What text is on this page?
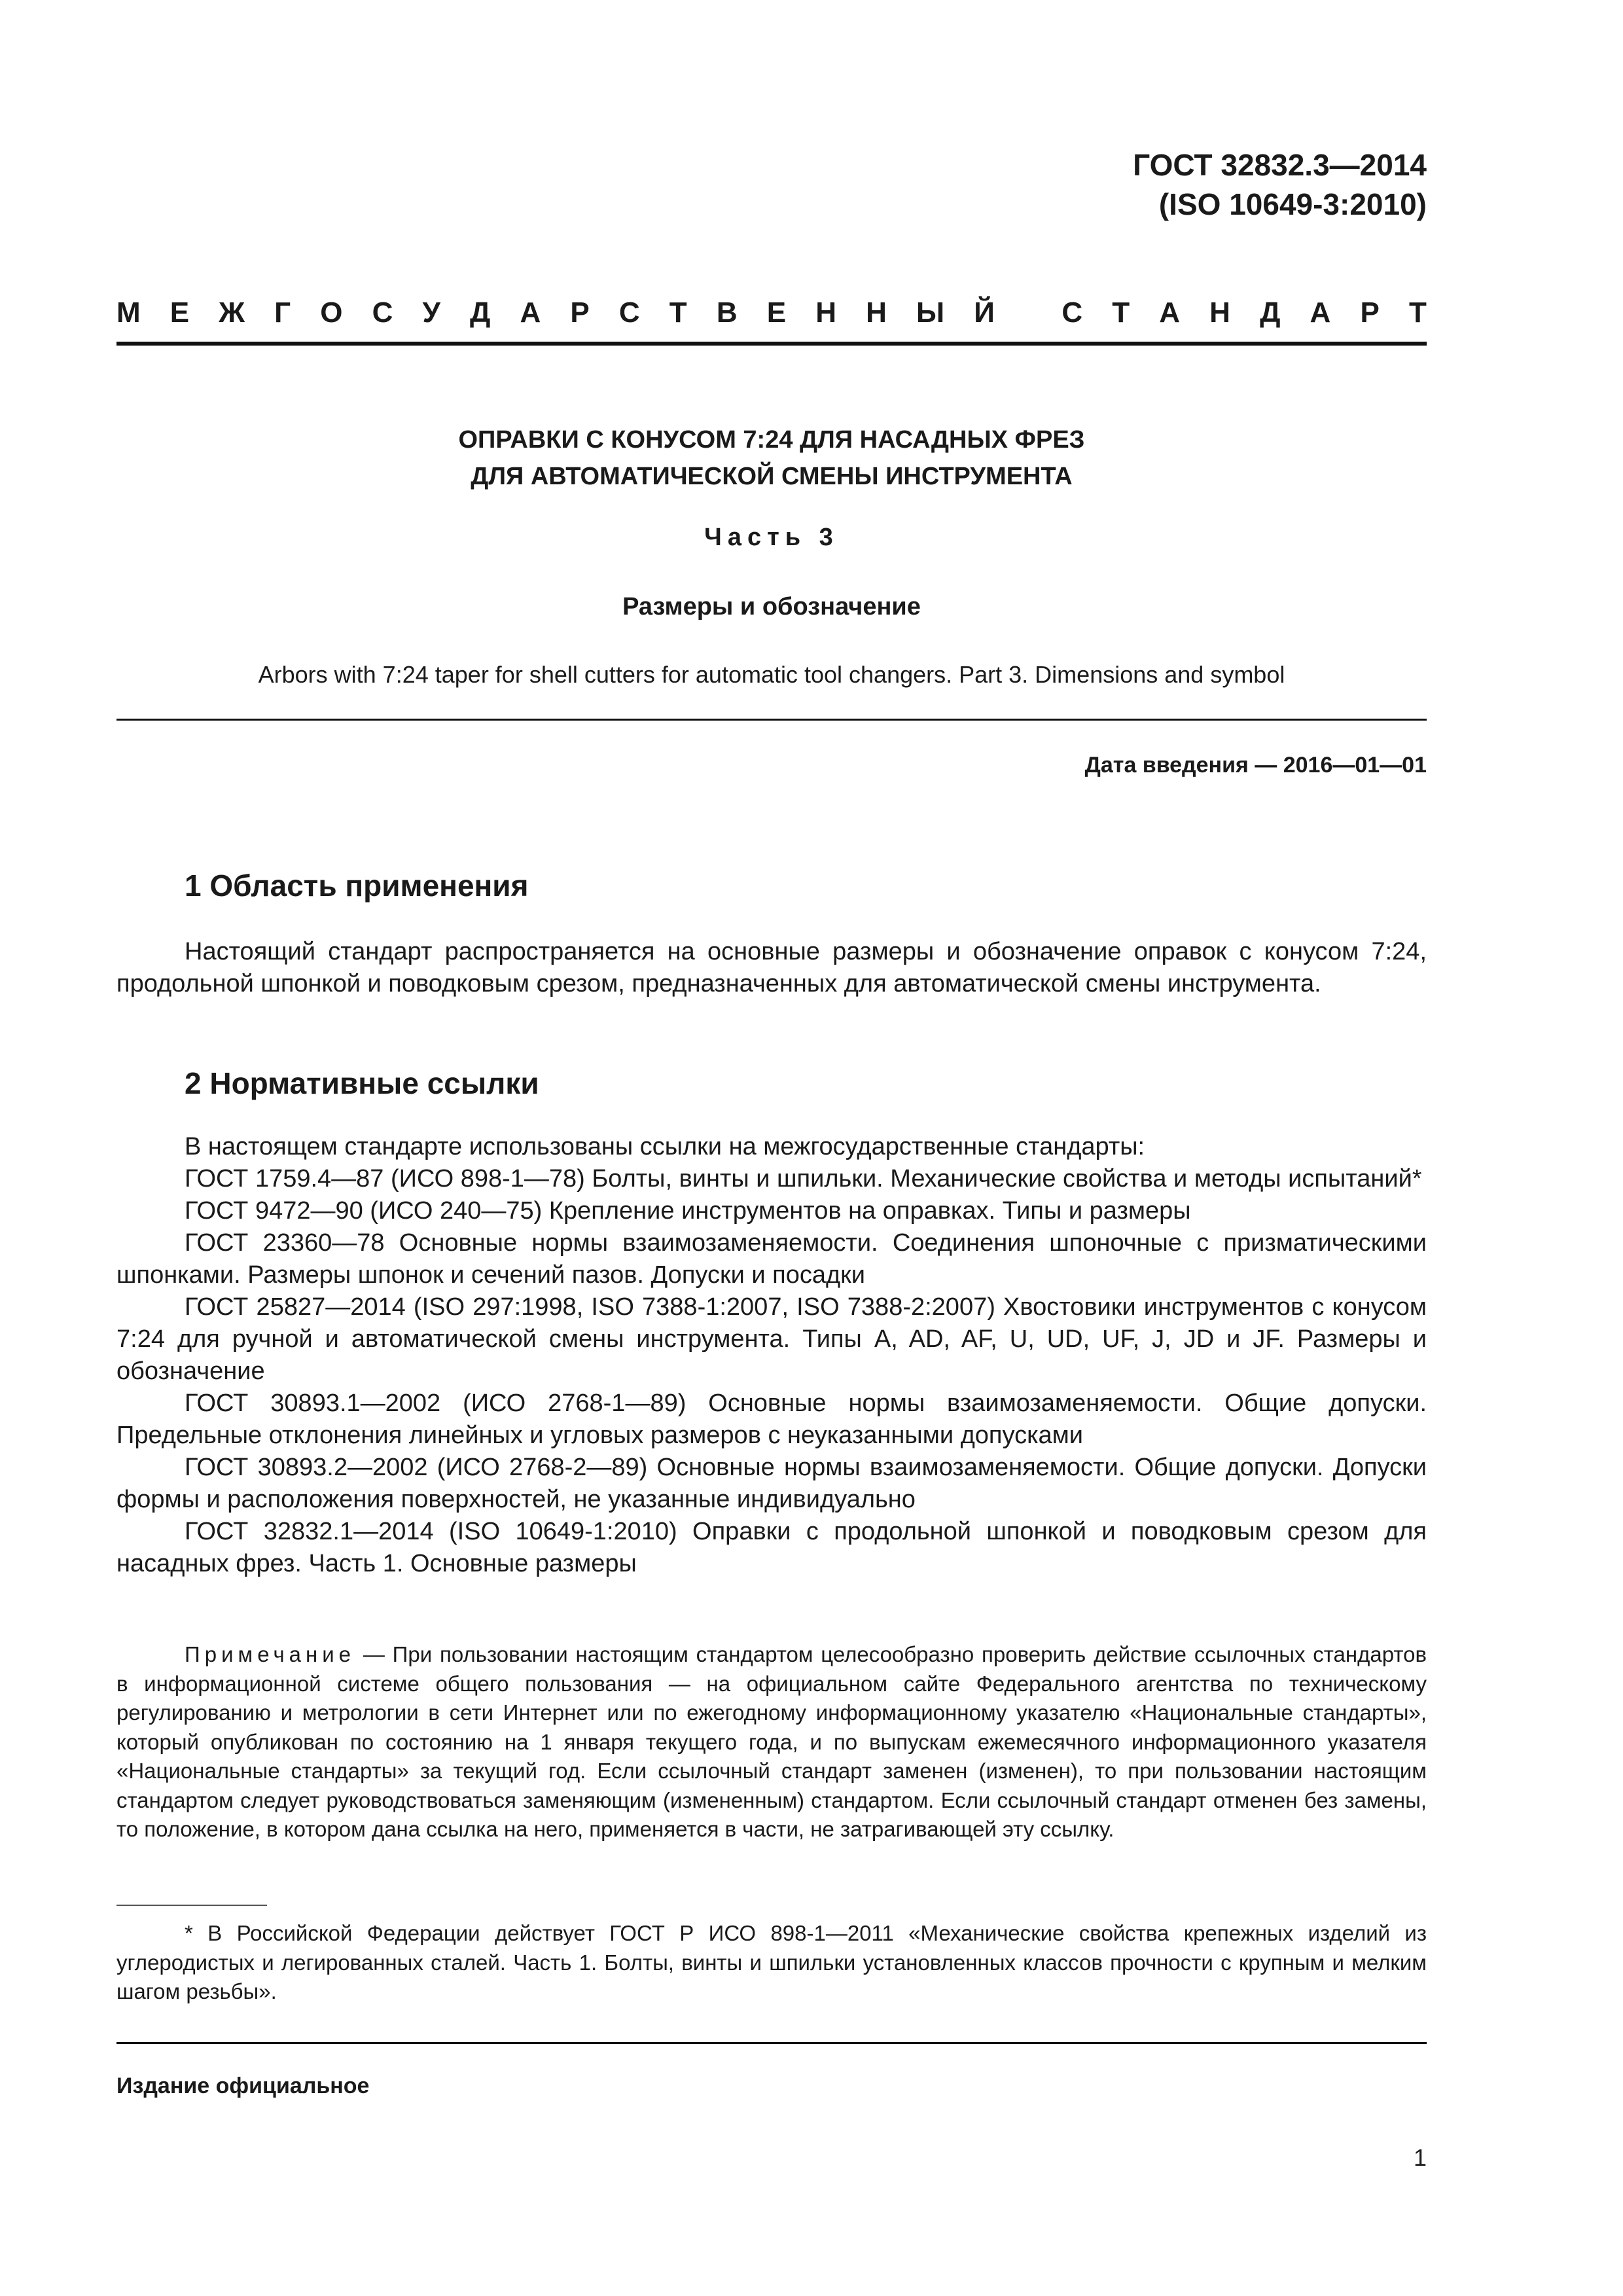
ГОСТ 32832.3—2014
(ISO 10649-3:2010)
М Е Ж Г О С У Д А Р С Т В Е Н Н Ы Й
С Т А Н Д А Р Т
ОПРАВКИ С КОНУСОМ 7:24 ДЛЯ НАСАДНЫХ ФРЕЗ
ДЛЯ АВТОМАТИЧЕСКОЙ СМЕНЫ ИНСТРУМЕНТА
Часть 3
Размеры и обозначение
Arbors with 7:24 taper for shell cutters for automatic tool changers. Part 3. Dimensions and symbol
Дата введения — 2016—01—01
1 Область применения
Настоящий стандарт распространяется на основные размеры и обозначение оправок с конусом 7:24, продольной шпонкой и поводковым срезом, предназначенных для автоматической смены инструмента.
2 Нормативные ссылки

В настоящем стандарте использованы ссылки на межгосударственные стандарты:

ГОСТ 1759.4—87 (ИСО 898-1—78) Болты, винты и шпильки. Механические свойства и методы испытаний*

ГОСТ 9472—90 (ИСО 240—75) Крепление инструментов на оправках. Типы и размеры

ГОСТ 23360—78 Основные нормы взаимозаменяемости. Соединения шпоночные с призматическими шпонками. Размеры шпонок и сечений пазов. Допуски и посадки

ГОСТ 25827—2014 (ISO 297:1998, ISO 7388-1:2007, ISO 7388-2:2007) Хвостовики инструментов с конусом 7:24 для ручной и автоматической смены инструмента. Типы A, AD, AF, U, UD, UF, J, JD и JF. Размеры и обозначение

ГОСТ 30893.1—2002 (ИСО 2768-1—89) Основные нормы взаимозаменяемости. Общие допуски. Предельные отклонения линейных и угловых размеров с неуказанными допусками

ГОСТ 30893.2—2002 (ИСО 2768-2—89) Основные нормы взаимозаменяемости. Общие допуски. Допуски формы и расположения поверхностей, не указанные индивидуально

ГОСТ 32832.1—2014 (ISO 10649-1:2010) Оправки с продольной шпонкой и поводковым срезом для насадных фрез. Часть 1. Основные размеры

Примечание — При пользовании настоящим стандартом целесообразно проверить действие ссылочных стандартов в информационной системе общего пользования — на официальном сайте Федерального агентства по техническому регулированию и метрологии в сети Интернет или по ежегодному информационному указателю «Национальные стандарты», который опубликован по состоянию на 1 января текущего года, и по выпускам ежемесячного информационного указателя «Национальные стандарты» за текущий год. Если ссылочный стандарт заменен (изменен), то при пользовании настоящим стандартом следует руководствоваться заменяющим (измененным) стандартом. Если ссылочный стандарт отменен без замены, то положение, в котором дана ссылка на него, применяется в части, не затрагивающей эту ссылку.
* В Российской Федерации действует ГОСТ Р ИСО 898-1—2011 «Механические свойства крепежных изделий из углеродистых и легированных сталей. Часть 1. Болты, винты и шпильки установленных классов прочности с крупным и мелким шагом резьбы».
Издание официальное
1
